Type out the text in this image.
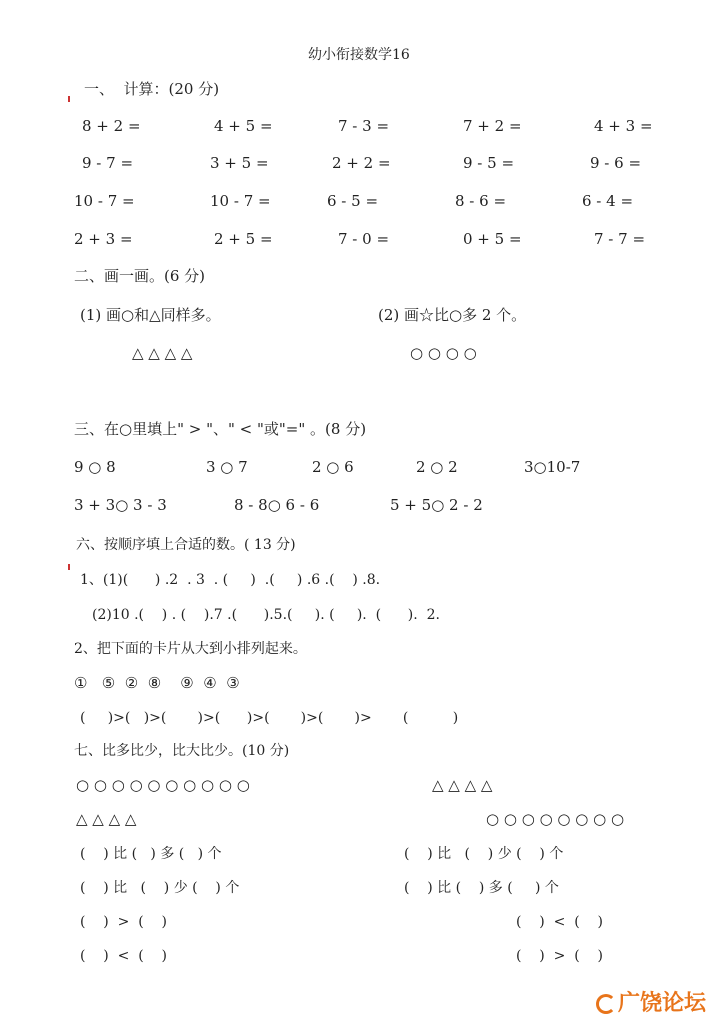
幼小衔接数学16
一、  计算：(20 分)
8 + 2 =	4 + 5 =	7 - 3 =	7 + 2 =	4 + 3 =
9 - 7 =	3 + 5 =	2 + 2 =	9 - 5 =	9 - 6 =
10 - 7 =	10 - 7 =	6 - 5 =	8 - 6 =	6 - 4 =
2 + 3 =	2 + 5 =	7 - 0 =	0 + 5 =	7 - 7 =
二、画一画。(6 分)
(1) 画○和△同样多。	(2) 画☆比○多 2 个。
△ △ △ △	○ ○ ○ ○
三、在○里填上" > "、" < "或"=" 。(8 分)
9 ○ 8	3 ○ 7	2 ○ 6	2 ○ 2	3○10-7
3 + 3○ 3 - 3	8 - 8○ 6 - 6	5 + 5○ 2 - 2
六、按顺序填上合适的数。( 13 分)
1、(1)(      ) .2  . 3  . (     )  .(     ) .6 .(    ) .8.
(2)10 .(    ) . (    ).7 .(      ).5.(     ). (     ).  (      ).  2.
2、把下面的卡片从大到小排列起来。
①   ⑤  ②  ⑧    ⑨  ④  ③
(     )>(   )>(       )>(      )>(       )>(       )>       (          )
七、比多比少，比大比少。(10 分)
○ ○ ○ ○ ○ ○ ○ ○ ○ ○	△ △ △ △
△ △ △ △	○ ○ ○ ○ ○ ○ ○ ○
(    ) 比 (   ) 多 (   ) 个	(    ) 比   (    ) 少 (    ) 个
(    ) 比   (    ) 少 (    ) 个	(    ) 比 (    ) 多 (     ) 个
(    )  >  (    )	(    )  <  (    )
(    )  <  (    )	(    )  >  (    )
广饶论坛
